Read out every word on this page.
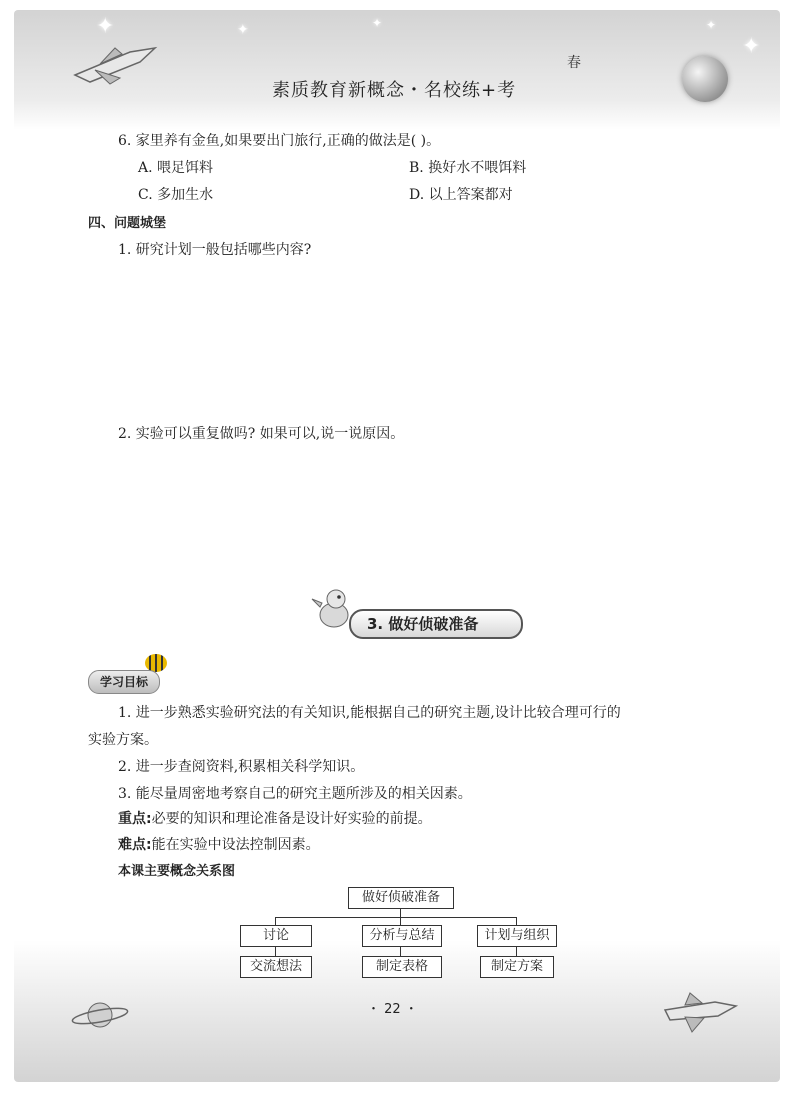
✦	✦	✦
✦
✦
素质教育新概念・名校练+考
春
6. 家里养有金鱼,如果要出门旅行,正确的做法是( )。
A. 喂足饵料	B. 换好水不喂饵料
C. 多加生水	D. 以上答案都对
四、问题城堡
1. 研究计划一般包括哪些内容?
2. 实验可以重复做吗? 如果可以,说一说原因。
3. 做好侦破准备
学习目标
1. 进一步熟悉实验研究法的有关知识,能根据自己的研究主题,设计比较合理可行的
实验方案。
2. 进一步查阅资料,积累相关科学知识。
3. 能尽量周密地考察自己的研究主题所涉及的相关因素。
重点:必要的知识和理论准备是设计好实验的前提。
难点:能在实验中设法控制因素。
本课主要概念关系图
做好侦破准备
讨论	分析与总结	计划与组织
交流想法	制定表格	制定方案
・ 22 ・
